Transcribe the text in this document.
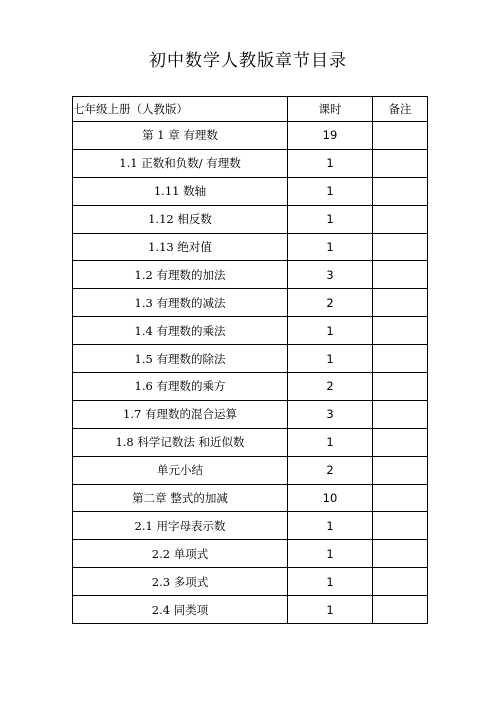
初中数学人教版章节目录
七年级上册（人教版）	课时	备注
第 1 章 有理数	19	
1.1 正数和负数/ 有理数	1	
1.11 数轴	1	
1.12 相反数	1	
1.13 绝对值	1	
1.2 有理数的加法	3	
1.3 有理数的减法	2	
1.4 有理数的乘法	1	
1.5 有理数的除法	1	
1.6 有理数的乘方	2	
1.7 有理数的混合运算	3	
1.8 科学记数法 和近似数	1	
单元小结	2	
第二章 整式的加减	10	
2.1 用字母表示数	1	
2.2 单项式	1	
2.3 多项式	1	
2.4 同类项	1	
